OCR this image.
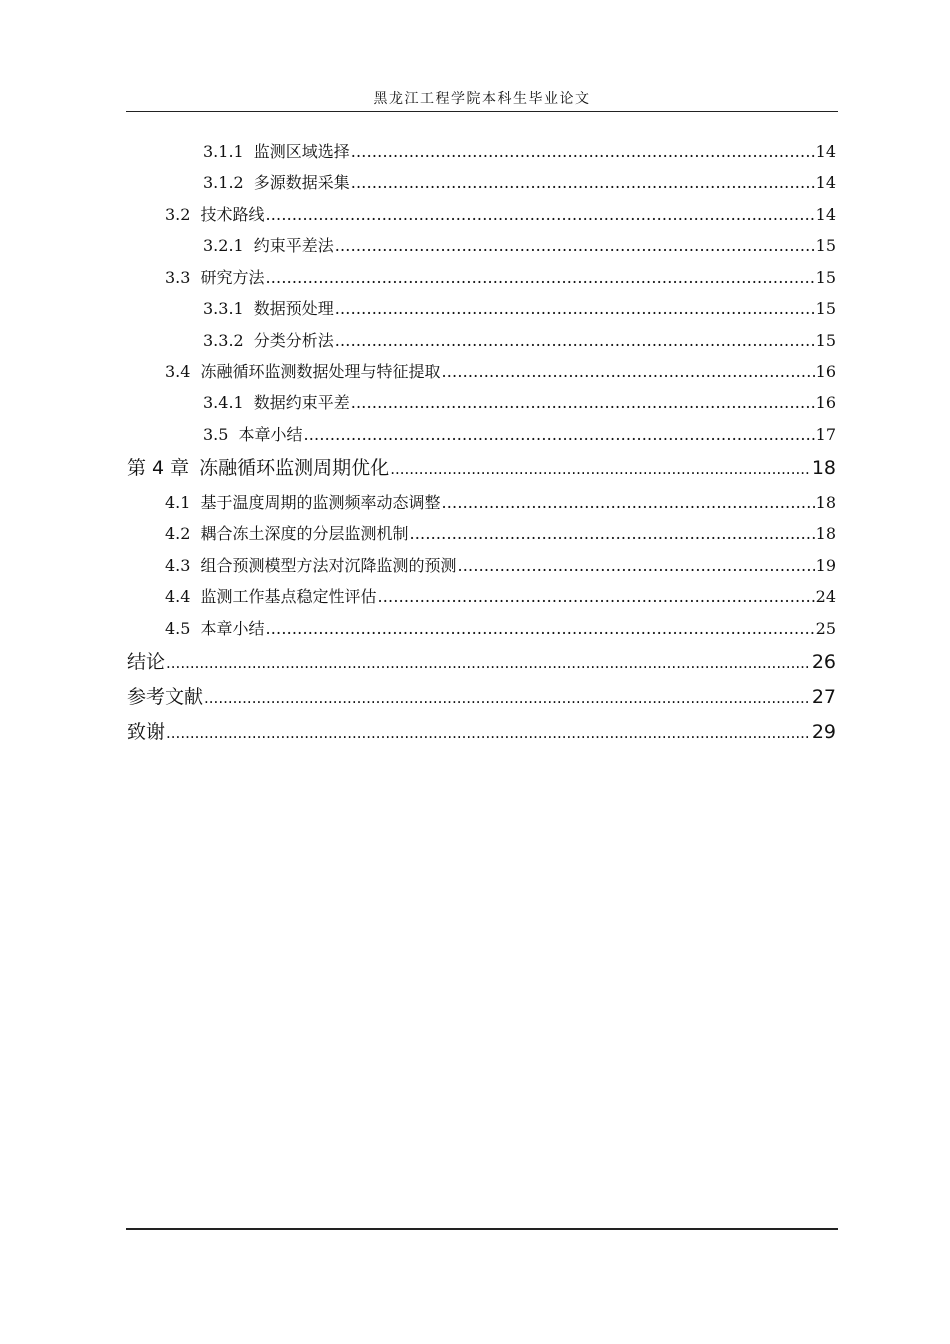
黑龙江工程学院本科生毕业论文
3.1.1 监测区域选择 .....	14
3.1.2 多源数据采集 .....	14
3.2 技术路线 .....	14
3.2.1 约束平差法 .....	15
3.3 研究方法 .....	15
3.3.1 数据预处理 .....	15
3.3.2 分类分析法 .....	15
3.4 冻融循环监测数据处理与特征提取 .....	16
3.4.1 数据约束平差 .....	16
3.5 本章小结 .....	17
第 4 章 冻融循环监测周期优化 .....	18
4.1 基于温度周期的监测频率动态调整 .....	18
4.2 耦合冻土深度的分层监测机制 .....	18
4.3 组合预测模型方法对沉降监测的预测 .....	19
4.4 监测工作基点稳定性评估 .....	24
4.5 本章小结 .....	25
结论 .....	26
参考文献 .....	27
致谢 .....	29
